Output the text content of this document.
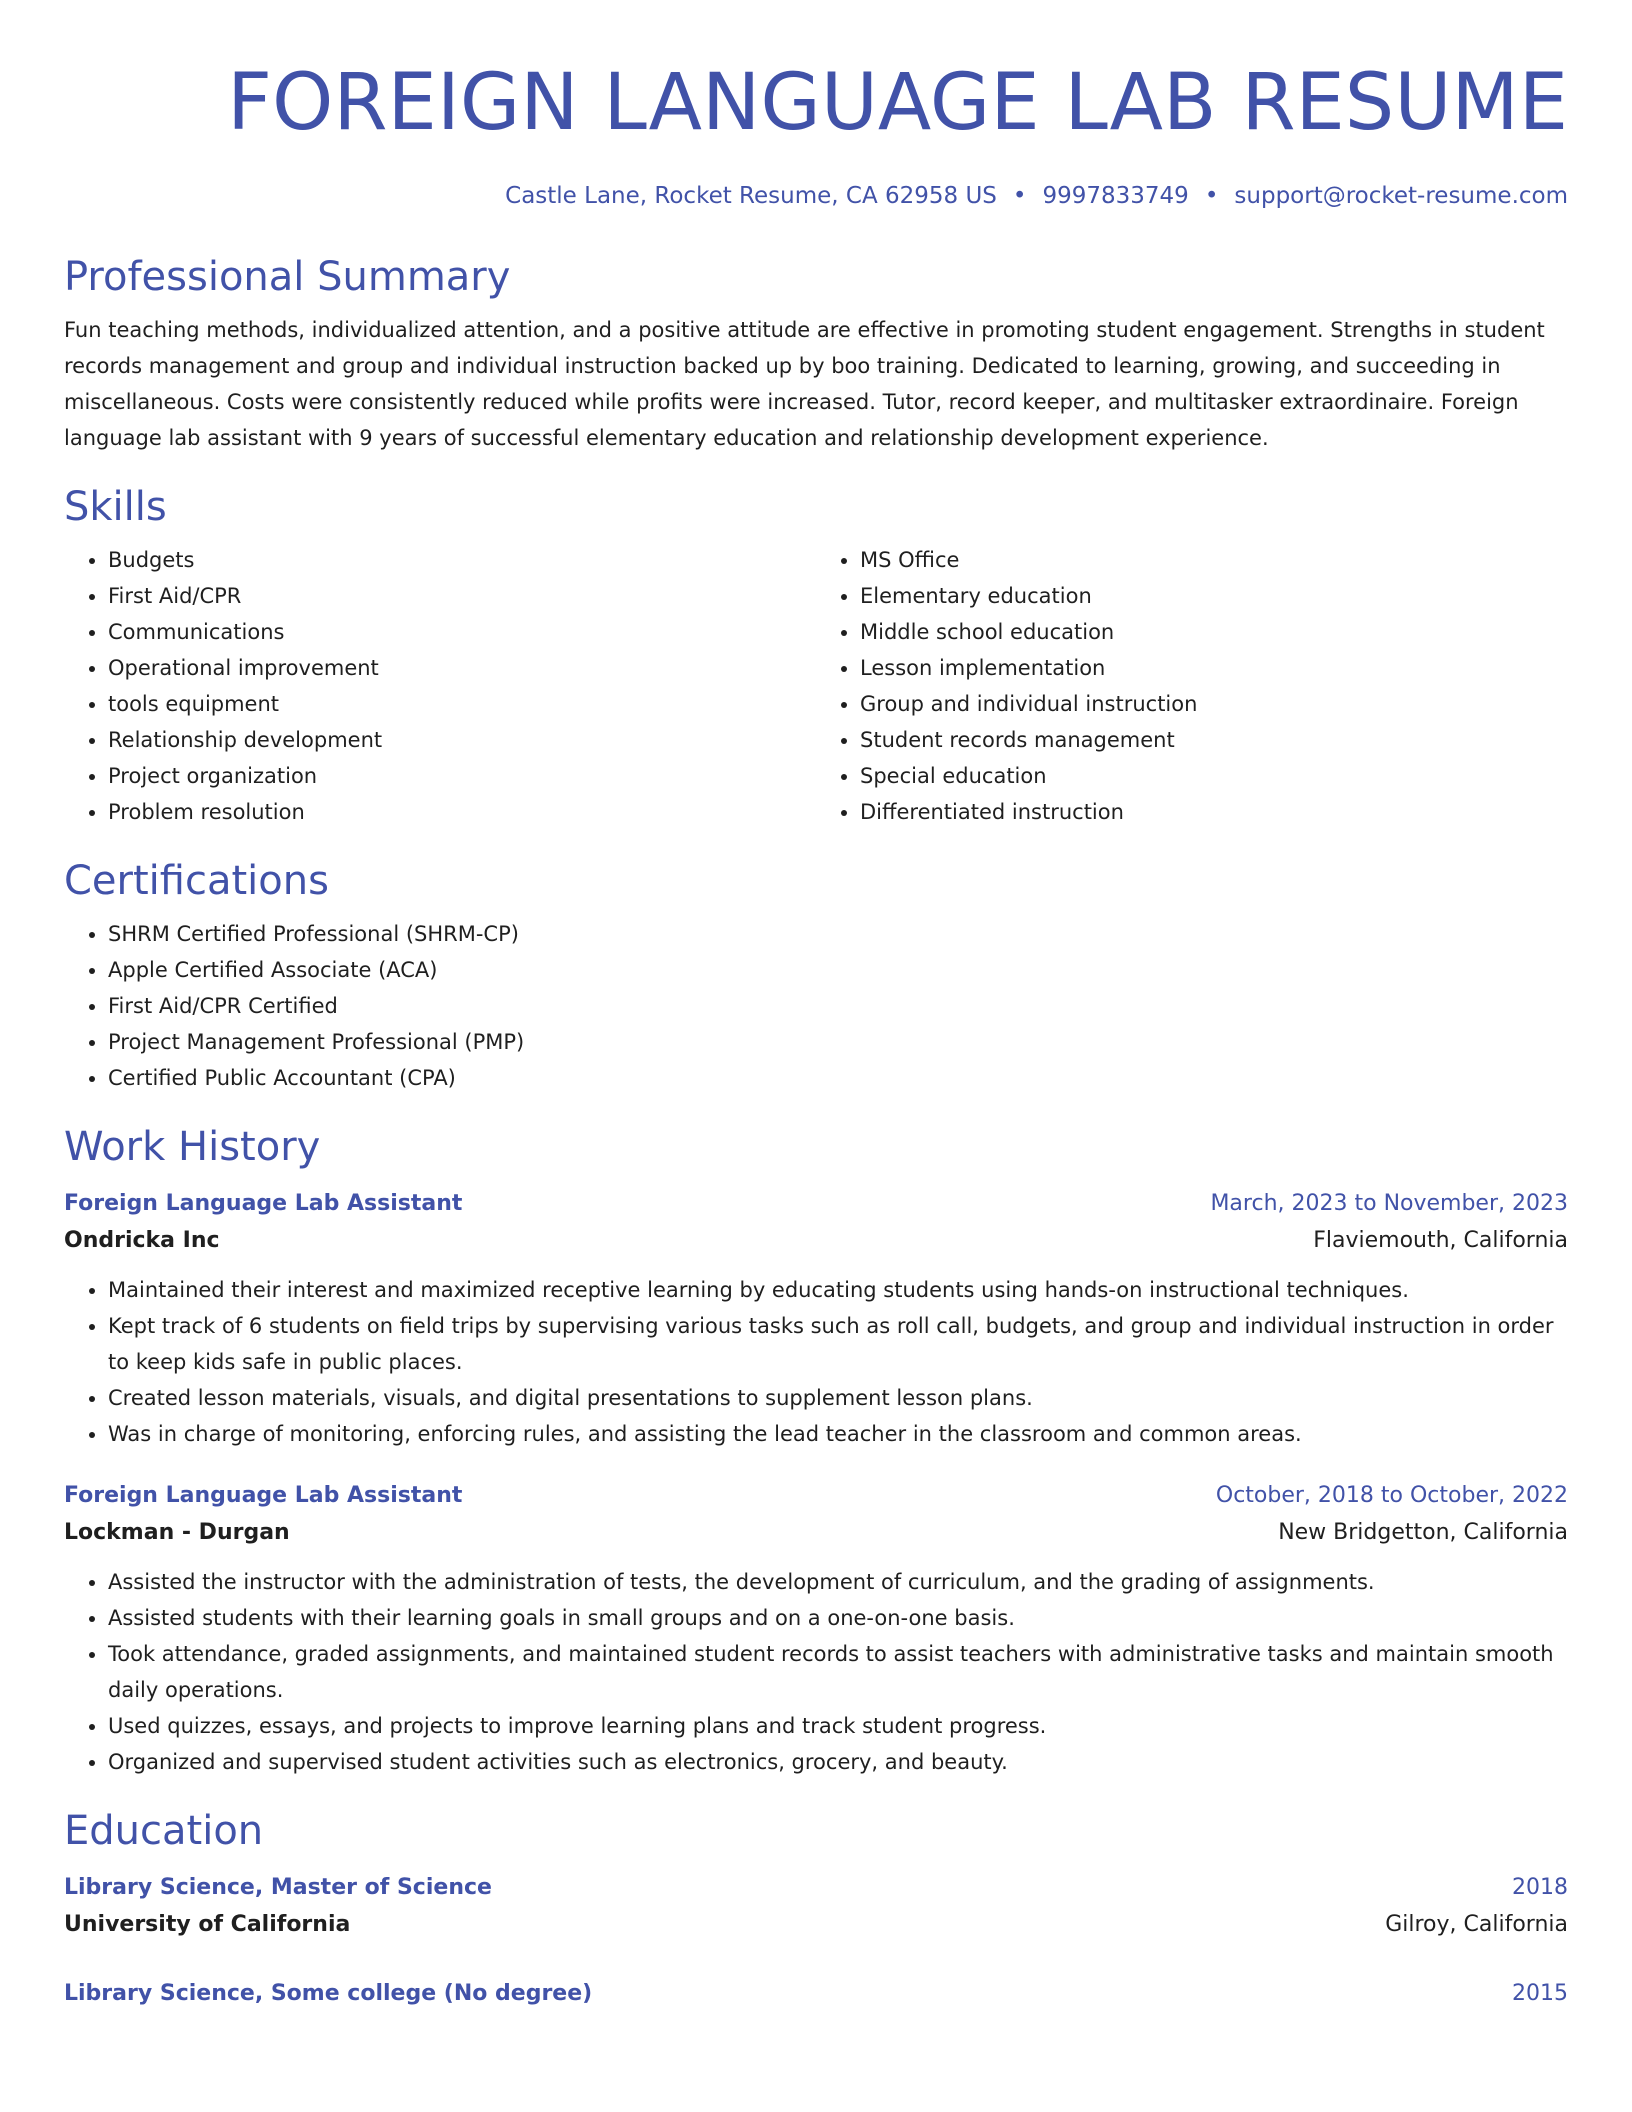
FOREIGN LANGUAGE LAB RESUME
Castle Lane, Rocket Resume, CA 62958 US • 9997833749 • support@rocket-resume.com
Professional Summary

Fun teaching methods, individualized attention, and a positive attitude are effective in promoting student engagement. Strengths in student records management and group and individual instruction backed up by boo training. Dedicated to learning, growing, and succeeding in miscellaneous. Costs were consistently reduced while profits were increased. Tutor, record keeper, and multitasker extraordinaire. Foreign language lab assistant with 9 years of successful elementary education and relationship development experience.

Skills
• Budgets
• First Aid/CPR
• Communications
• Operational improvement
• tools equipment
• Relationship development
• Project organization
• Problem resolution
• MS Office
• Elementary education
• Middle school education
• Lesson implementation
• Group and individual instruction
• Student records management
• Special education
• Differentiated instruction
Certifications
• SHRM Certified Professional (SHRM-CP)
• Apple Certified Associate (ACA)
• First Aid/CPR Certified
• Project Management Professional (PMP)
• Certified Public Accountant (CPA)
Work History
Foreign Language Lab Assistant	March, 2023 to November, 2023
Ondricka Inc	Flaviemouth, California
• Maintained their interest and maximized receptive learning by educating students using hands-on instructional techniques.
• Kept track of 6 students on field trips by supervising various tasks such as roll call, budgets, and group and individual instruction in order to keep kids safe in public places.
• Created lesson materials, visuals, and digital presentations to supplement lesson plans.
• Was in charge of monitoring, enforcing rules, and assisting the lead teacher in the classroom and common areas.
Foreign Language Lab Assistant	October, 2018 to October, 2022
Lockman - Durgan	New Bridgetton, California
• Assisted the instructor with the administration of tests, the development of curriculum, and the grading of assignments.
• Assisted students with their learning goals in small groups and on a one-on-one basis.
• Took attendance, graded assignments, and maintained student records to assist teachers with administrative tasks and maintain smooth daily operations.
• Used quizzes, essays, and projects to improve learning plans and track student progress.
• Organized and supervised student activities such as electronics, grocery, and beauty.
Education
Library Science, Master of Science	2018
University of California	Gilroy, California
Library Science, Some college (No degree)	2015
